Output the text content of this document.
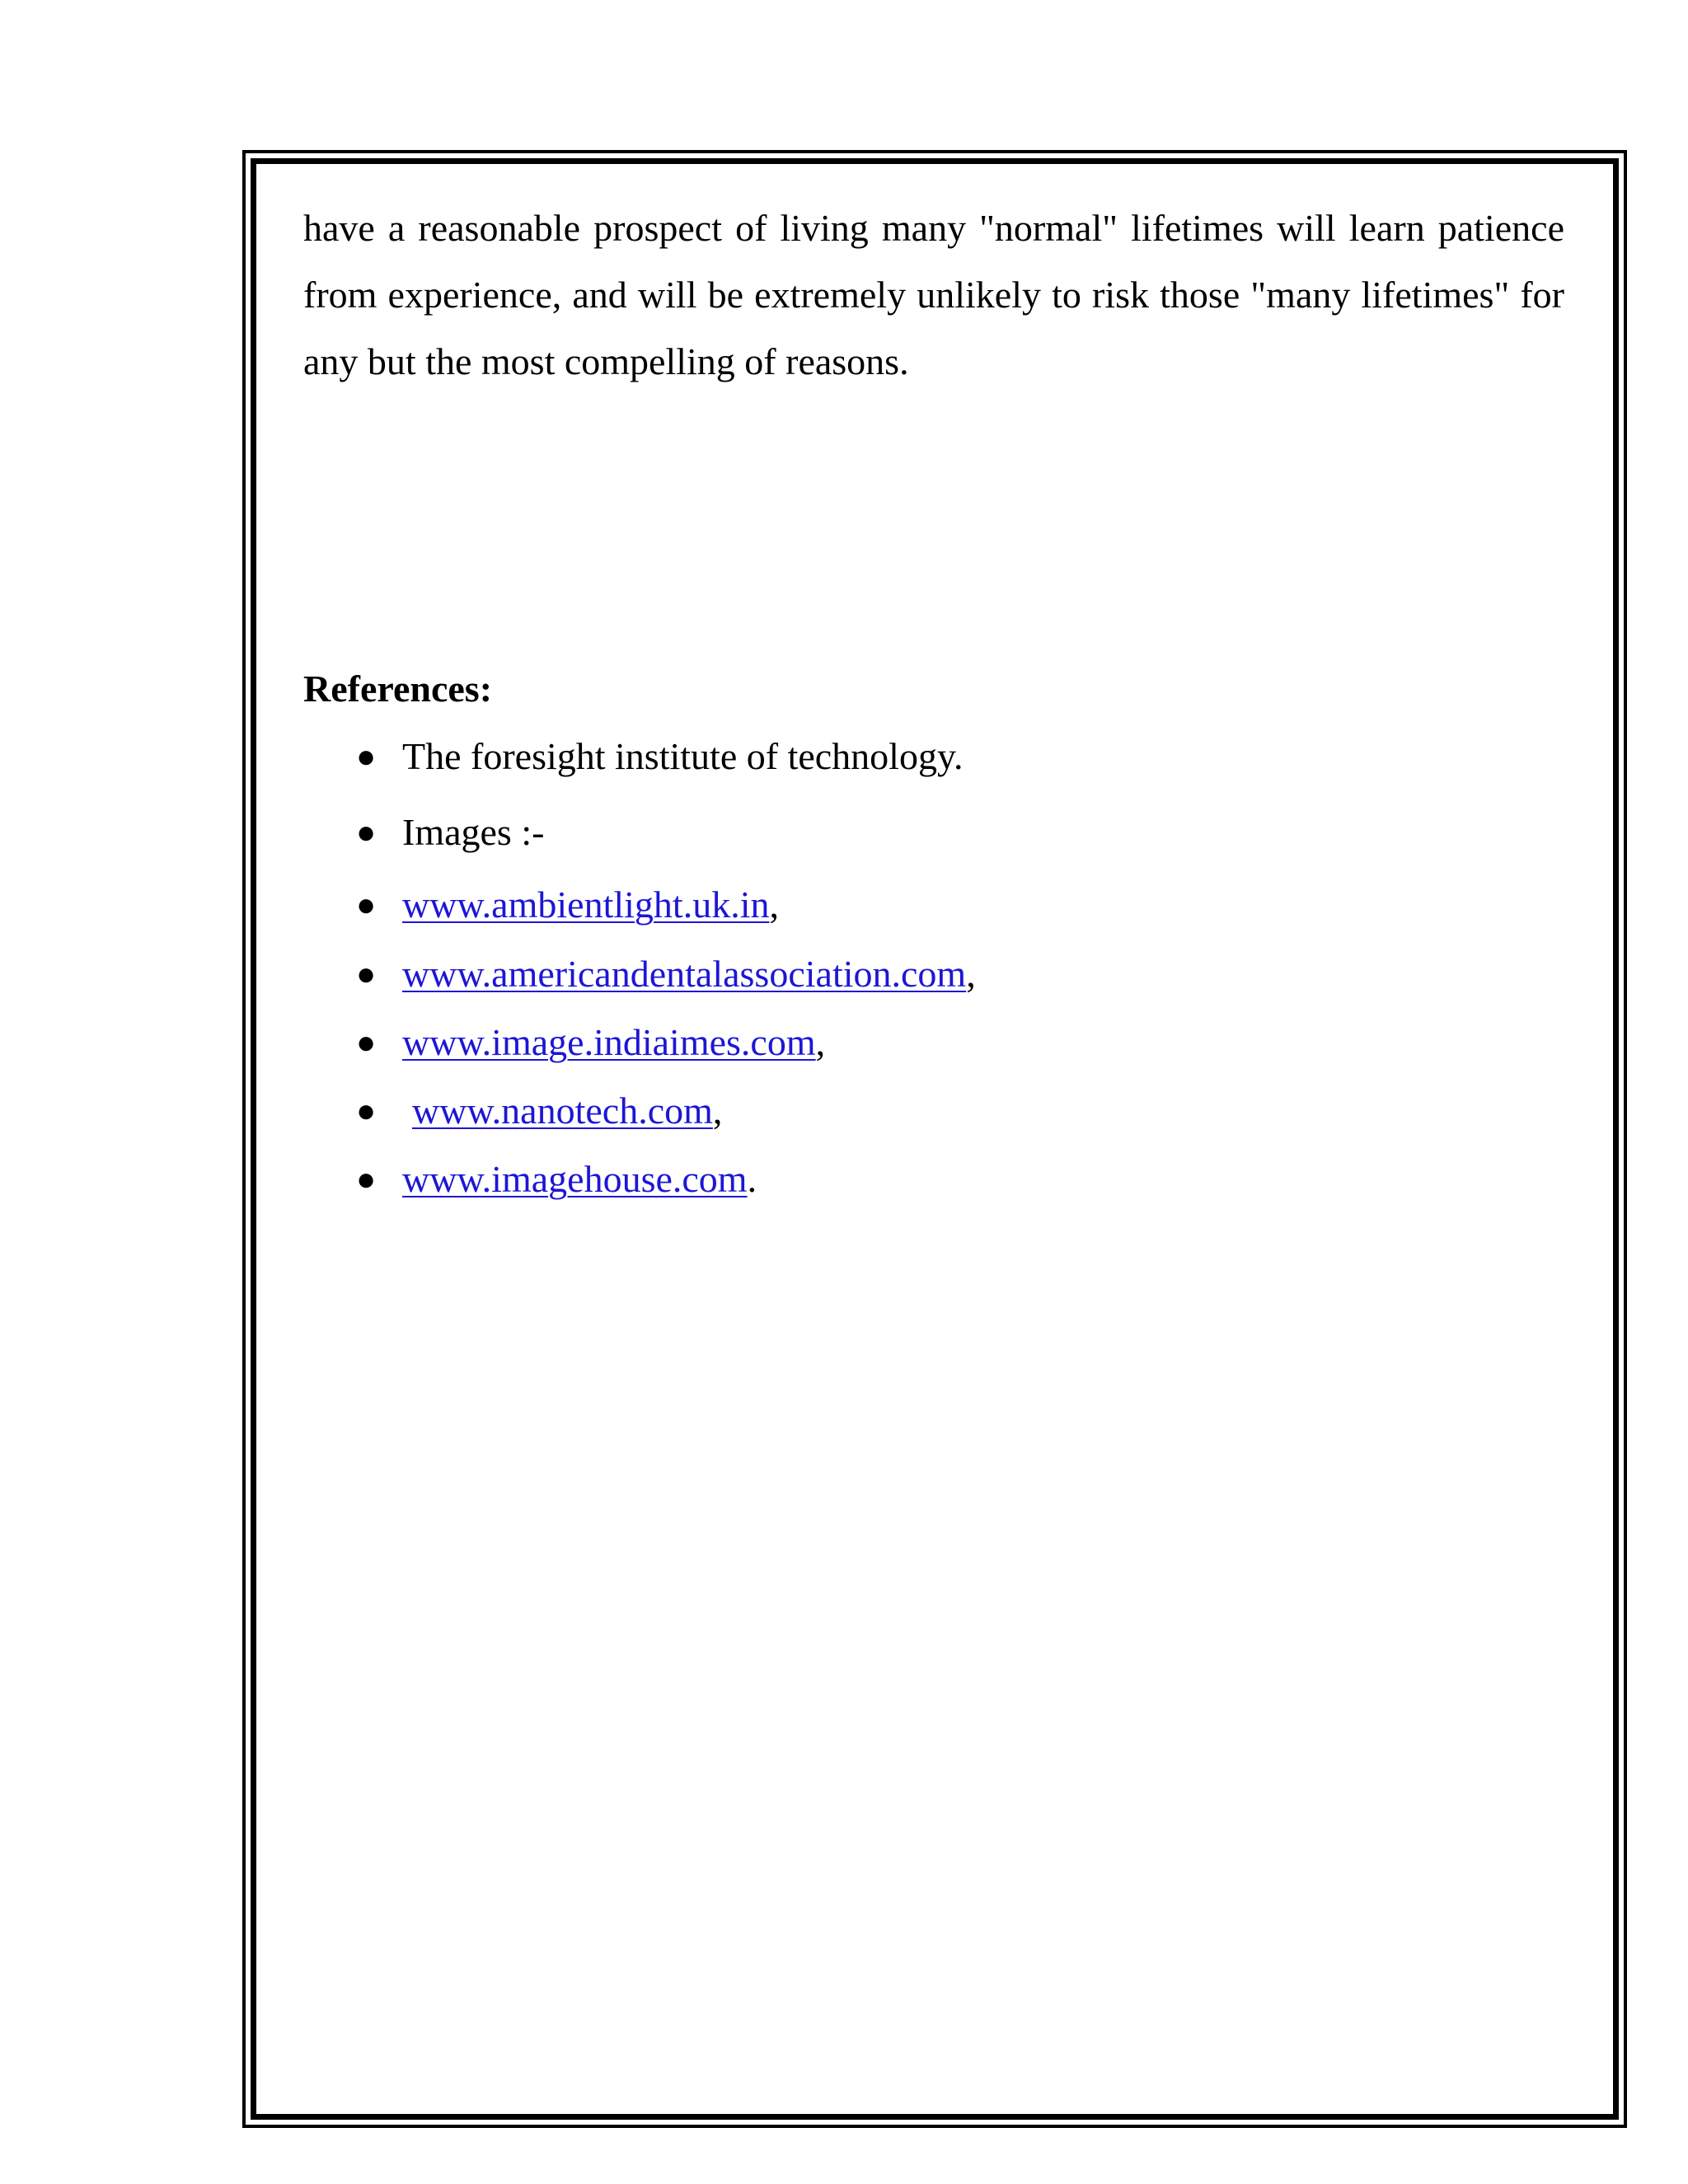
have a reasonable prospect of living many "normal" lifetimes will learn patience from experience, and will be extremely unlikely to risk those "many lifetimes" for any but the most compelling of reasons.

References:
● The foresight institute of technology.
● Images :-
● www.ambientlight.uk.in,
● www.americandentalassociation.com,
● www.image.indiaimes.com,
● www.nanotech.com,
● www.imagehouse.com.
